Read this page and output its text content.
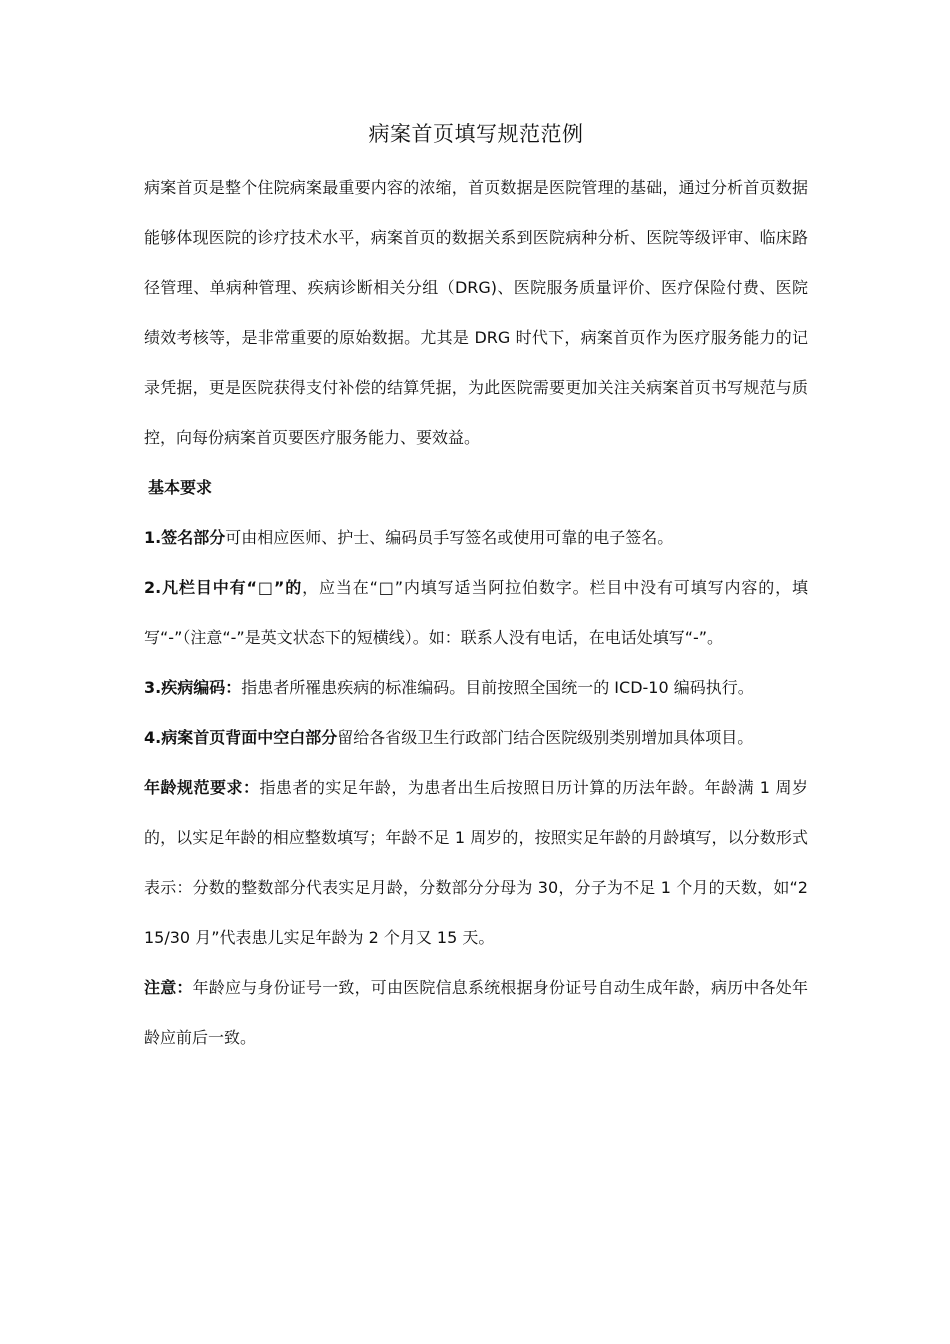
病案首页填写规范范例

病案首页是整个住院病案最重要内容的浓缩，首页数据是医院管理的基础，通过分析首页数据能够体现医院的诊疗技术水平，病案首页的数据关系到医院病种分析、医院等级评审、临床路径管理、单病种管理、疾病诊断相关分组（DRG)、医院服务质量评价、医疗保险付费、医院绩效考核等，是非常重要的原始数据。尤其是 DRG 时代下，病案首页作为医疗服务能力的记录凭据，更是医院获得支付补偿的结算凭据，为此医院需要更加关注关病案首页书写规范与质控，向每份病案首页要医疗服务能力、要效益。

基本要求

1.签名部分可由相应医师、护士、编码员手写签名或使用可靠的电子签名。

2.凡栏目中有“□”的，应当在“□”内填写适当阿拉伯数字。栏目中没有可填写内容的，填写“-”（注意“-”是英文状态下的短横线）。如：联系人没有电话，在电话处填写“-”。

3.疾病编码：指患者所罹患疾病的标准编码。目前按照全国统一的 ICD-10 编码执行。

4.病案首页背面中空白部分留给各省级卫生行政部门结合医院级别类别增加具体项目。

年龄规范要求：指患者的实足年龄，为患者出生后按照日历计算的历法年龄。年龄满 1 周岁的，以实足年龄的相应整数填写；年龄不足 1 周岁的，按照实足年龄的月龄填写，以分数形式表示：分数的整数部分代表实足月龄，分数部分分母为 30，分子为不足 1 个月的天数，如“2 15/30 月”代表患儿实足年龄为 2 个月又 15 天。

注意：年龄应与身份证号一致，可由医院信息系统根据身份证号自动生成年龄，病历中各处年龄应前后一致。
